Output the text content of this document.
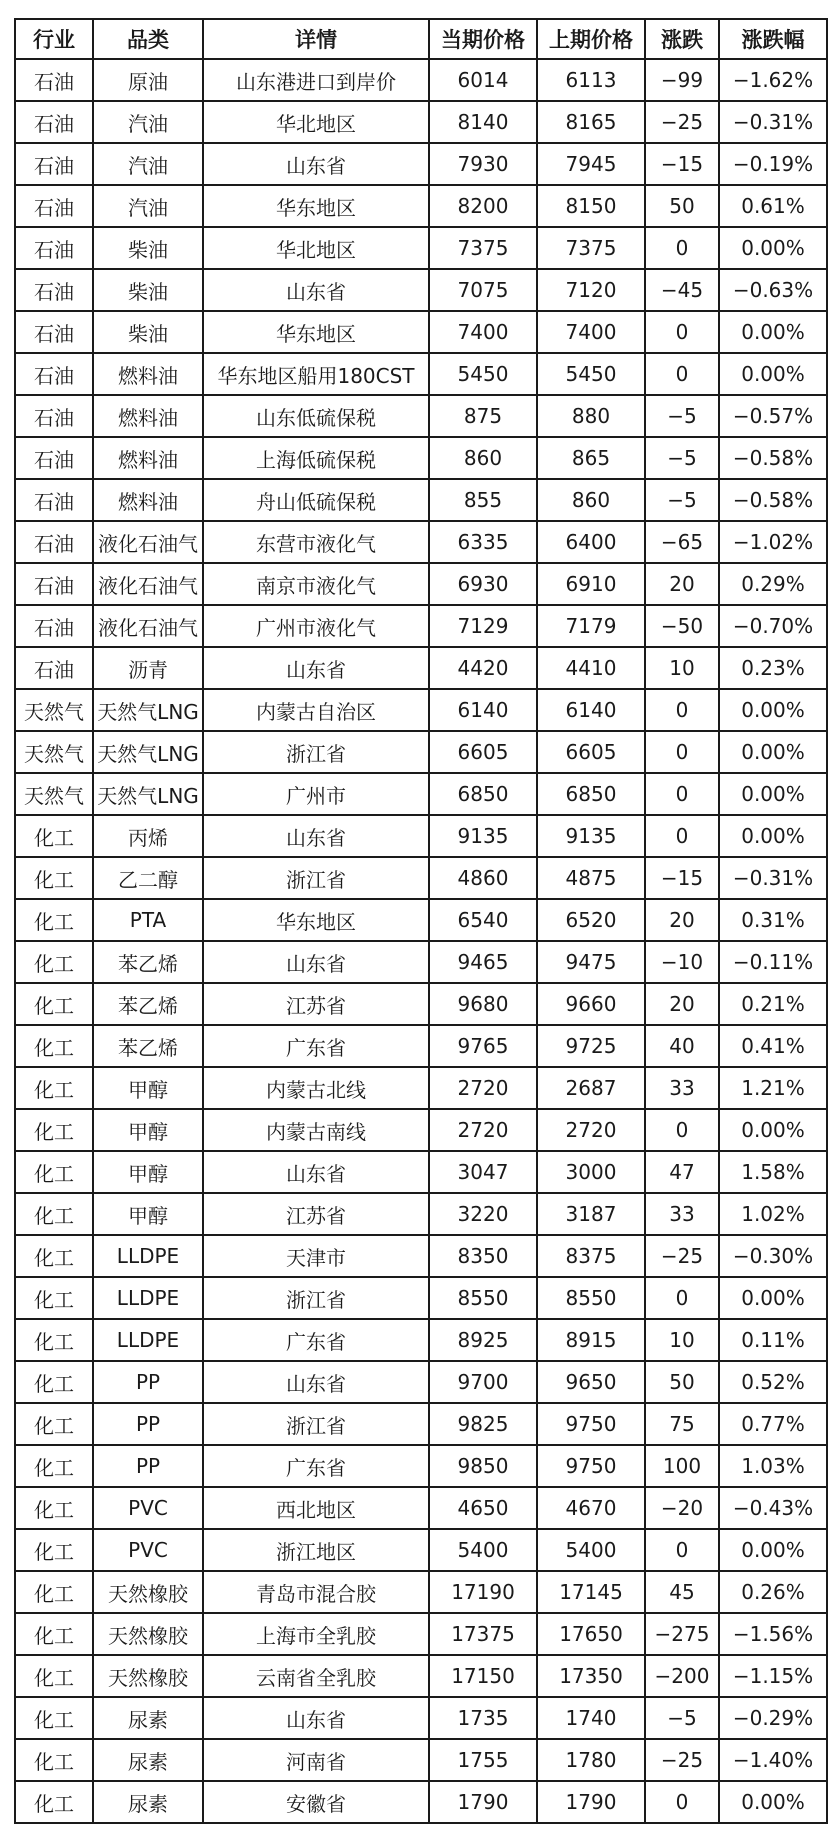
行业	品类	详情	当期价格	上期价格	涨跌	涨跌幅
石油	原油	山东港进口到岸价	6014	6113	−99	−1.62%
石油	汽油	华北地区	8140	8165	−25	−0.31%
石油	汽油	山东省	7930	7945	−15	−0.19%
石油	汽油	华东地区	8200	8150	50	0.61%
石油	柴油	华北地区	7375	7375	0	0.00%
石油	柴油	山东省	7075	7120	−45	−0.63%
石油	柴油	华东地区	7400	7400	0	0.00%
石油	燃料油	华东地区船用180CST	5450	5450	0	0.00%
石油	燃料油	山东低硫保税	875	880	−5	−0.57%
石油	燃料油	上海低硫保税	860	865	−5	−0.58%
石油	燃料油	舟山低硫保税	855	860	−5	−0.58%
石油	液化石油气	东营市液化气	6335	6400	−65	−1.02%
石油	液化石油气	南京市液化气	6930	6910	20	0.29%
石油	液化石油气	广州市液化气	7129	7179	−50	−0.70%
石油	沥青	山东省	4420	4410	10	0.23%
天然气	天然气LNG	内蒙古自治区	6140	6140	0	0.00%
天然气	天然气LNG	浙江省	6605	6605	0	0.00%
天然气	天然气LNG	广州市	6850	6850	0	0.00%
化工	丙烯	山东省	9135	9135	0	0.00%
化工	乙二醇	浙江省	4860	4875	−15	−0.31%
化工	PTA	华东地区	6540	6520	20	0.31%
化工	苯乙烯	山东省	9465	9475	−10	−0.11%
化工	苯乙烯	江苏省	9680	9660	20	0.21%
化工	苯乙烯	广东省	9765	9725	40	0.41%
化工	甲醇	内蒙古北线	2720	2687	33	1.21%
化工	甲醇	内蒙古南线	2720	2720	0	0.00%
化工	甲醇	山东省	3047	3000	47	1.58%
化工	甲醇	江苏省	3220	3187	33	1.02%
化工	LLDPE	天津市	8350	8375	−25	−0.30%
化工	LLDPE	浙江省	8550	8550	0	0.00%
化工	LLDPE	广东省	8925	8915	10	0.11%
化工	PP	山东省	9700	9650	50	0.52%
化工	PP	浙江省	9825	9750	75	0.77%
化工	PP	广东省	9850	9750	100	1.03%
化工	PVC	西北地区	4650	4670	−20	−0.43%
化工	PVC	浙江地区	5400	5400	0	0.00%
化工	天然橡胶	青岛市混合胶	17190	17145	45	0.26%
化工	天然橡胶	上海市全乳胶	17375	17650	−275	−1.56%
化工	天然橡胶	云南省全乳胶	17150	17350	−200	−1.15%
化工	尿素	山东省	1735	1740	−5	−0.29%
化工	尿素	河南省	1755	1780	−25	−1.40%
化工	尿素	安徽省	1790	1790	0	0.00%
